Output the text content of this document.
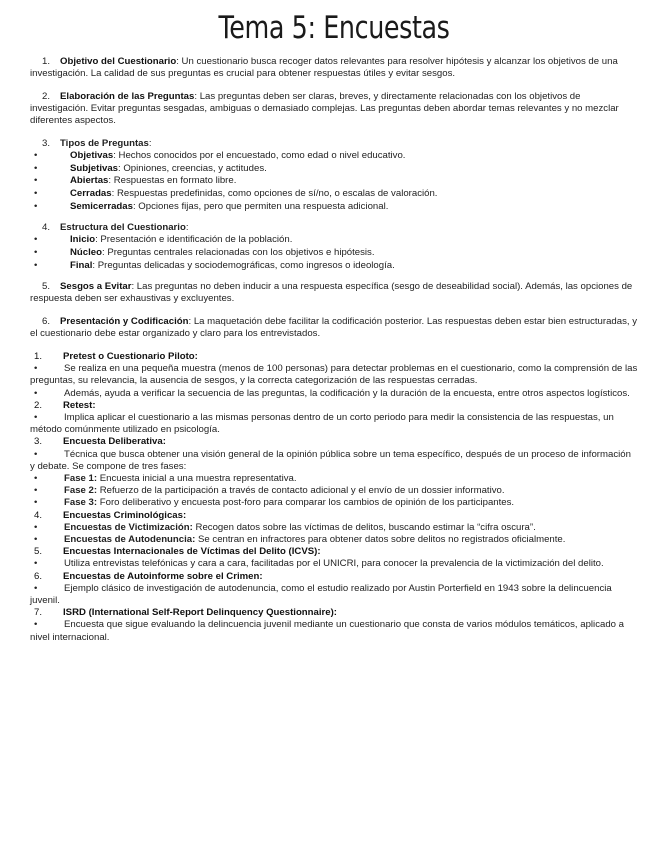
Tema 5: Encuestas

1. Objetivo del Cuestionario: Un cuestionario busca recoger datos relevantes para resolver hipótesis y alcanzar los objetivos de una investigación. La calidad de sus preguntas es crucial para obtener respuestas útiles y evitar sesgos.

2. Elaboración de las Preguntas: Las preguntas deben ser claras, breves, y directamente relacionadas con los objetivos de investigación. Evitar preguntas sesgadas, ambiguas o demasiado complejas. Las preguntas deben abordar temas relevantes y no mezclar diferentes aspectos.

3. Tipos de Preguntas:

• Objetivas: Hechos conocidos por el encuestado, como edad o nivel educativo.
• Subjetivas: Opiniones, creencias, y actitudes.
• Abiertas: Respuestas en formato libre.
• Cerradas: Respuestas predefinidas, como opciones de sí/no, o escalas de valoración.
• Semicerradas: Opciones fijas, pero que permiten una respuesta adicional.

4. Estructura del Cuestionario:

• Inicio: Presentación e identificación de la población.
• Núcleo: Preguntas centrales relacionadas con los objetivos e hipótesis.
• Final: Preguntas delicadas y sociodemográficas, como ingresos o ideología.

5. Sesgos a Evitar: Las preguntas no deben inducir a una respuesta específica (sesgo de deseabilidad social). Además, las opciones de respuesta deben ser exhaustivas y excluyentes.

6. Presentación y Codificación: La maquetación debe facilitar la codificación posterior. Las respuestas deben estar bien estructuradas, y el cuestionario debe estar organizado y claro para los entrevistados.

1. Pretest o Cuestionario Piloto:
• Se realiza en una pequeña muestra (menos de 100 personas) para detectar problemas en el cuestionario, como la comprensión de las preguntas, su relevancia, la ausencia de sesgos, y la correcta categorización de las respuestas cerradas.
• Además, ayuda a verificar la secuencia de las preguntas, la codificación y la duración de la encuesta, entre otros aspectos logísticos.
2. Retest:
• Implica aplicar el cuestionario a las mismas personas dentro de un corto periodo para medir la consistencia de las respuestas, un método comúnmente utilizado en psicología.
3. Encuesta Deliberativa:
• Técnica que busca obtener una visión general de la opinión pública sobre un tema específico, después de un proceso de información y debate. Se compone de tres fases:
• Fase 1: Encuesta inicial a una muestra representativa.
• Fase 2: Refuerzo de la participación a través de contacto adicional y el envío de un dossier informativo.
• Fase 3: Foro deliberativo y encuesta post-foro para comparar los cambios de opinión de los participantes.
4. Encuestas Criminológicas:
• Encuestas de Victimización: Recogen datos sobre las víctimas de delitos, buscando estimar la “cifra oscura”.
• Encuestas de Autodenuncia: Se centran en infractores para obtener datos sobre delitos no registrados oficialmente.
5. Encuestas Internacionales de Víctimas del Delito (ICVS):
• Utiliza entrevistas telefónicas y cara a cara, facilitadas por el UNICRI, para conocer la prevalencia de la victimización del delito.
6. Encuestas de Autoinforme sobre el Crimen:
• Ejemplo clásico de investigación de autodenuncia, como el estudio realizado por Austin Porterfield en 1943 sobre la delincuencia juvenil.
7. ISRD (International Self-Report Delinquency Questionnaire):
• Encuesta que sigue evaluando la delincuencia juvenil mediante un cuestionario que consta de varios módulos temáticos, aplicado a nivel internacional.
